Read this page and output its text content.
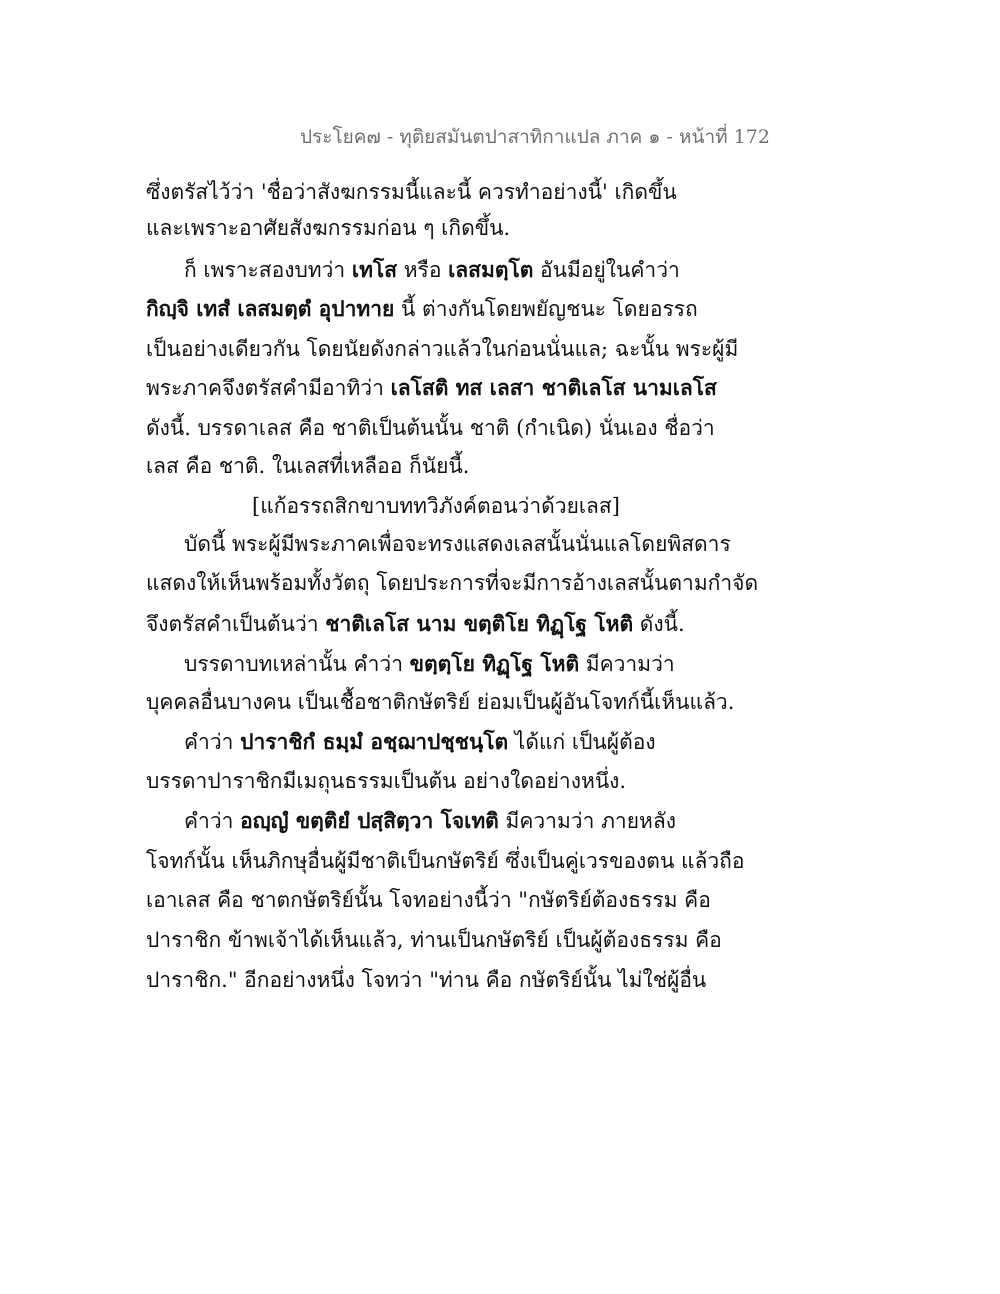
ประโยค๗ - ทุติยสมันตปาสาทิกาแปล ภาค ๑ - หน้าที่ 172
ซึ่งตรัสไว้ว่า 'ชื่อว่าสังฆกรรมนี้และนี้ ควรทำอย่างนี้' เกิดขึ้น
และเพราะอาศัยสังฆกรรมก่อน ๆ เกิดขึ้น.
ก็ เพราะสองบทว่า เทโส หรือ เลสมตฺโต อันมีอยู่ในคำว่า
กิญฺจิ เทสํ เลสมตฺตํ อุปาทาย นี้ ต่างกันโดยพยัญชนะ โดยอรรถ
เป็นอย่างเดียวกัน โดยนัยดังกล่าวแล้วในก่อนนั่นแล; ฉะนั้น พระผู้มี
พระภาคจึงตรัสคำมีอาทิว่า เลโสติ ทส เลสา ชาติเลโส นามเลโส
ดังนี้. บรรดาเลส คือ ชาติเป็นต้นนั้น ชาติ (กำเนิด) นั่นเอง ชื่อว่า
เลส คือ ชาติ. ในเลสที่เหลืออ ก็นัยนี้.
[แก้อรรถสิกขาบททวิภังค์ตอนว่าด้วยเลส]
บัดนี้ พระผู้มีพระภาคเพื่อจะทรงแสดงเลสนั้นนั่นแลโดยพิสดาร
แสดงให้เห็นพร้อมทั้งวัตถุ โดยประการที่จะมีการอ้างเลสนั้นตามกำจัด
จึงตรัสคำเป็นต้นว่า ชาติเลโส นาม ขตฺติโย ทิฏฺโฐ โหติ ดังนี้.
บรรดาบทเหล่านั้น คำว่า ขตฺตฺโย ทิฏฺโฐ โหติ มีความว่า
บุคคลอื่นบางคน เป็นเชื้อชาติกษัตริย์ ย่อมเป็นผู้อันโจทก์นี้เห็นแล้ว.
คำว่า ปาราชิกํ ธมฺมํ อชฺฌาปชฺชนฺโต ได้แก่ เป็นผู้ต้อง
บรรดาปาราชิกมีเมถุนธรรมเป็นต้น อย่างใดอย่างหนึ่ง.
คำว่า อญฺญํ ขตฺติยํ ปสฺสิตฺวา โจเทติ มีความว่า ภายหลัง
โจทก์นั้น เห็นภิกษุอื่นผู้มีชาติเป็นกษัตริย์ ซึ่งเป็นคู่เวรของตน แล้วถือ
เอาเลส คือ ชาตกษัตริย์นั้น โจทอย่างนี้ว่า "กษัตริย์ต้องธรรม คือ
ปาราชิก ข้าพเจ้าได้เห็นแล้ว, ท่านเป็นกษัตริย์ เป็นผู้ต้องธรรม คือ
ปาราชิก." อีกอย่างหนึ่ง โจทว่า "ท่าน คือ กษัตริย์นั้น ไม่ใช่ผู้อื่น
